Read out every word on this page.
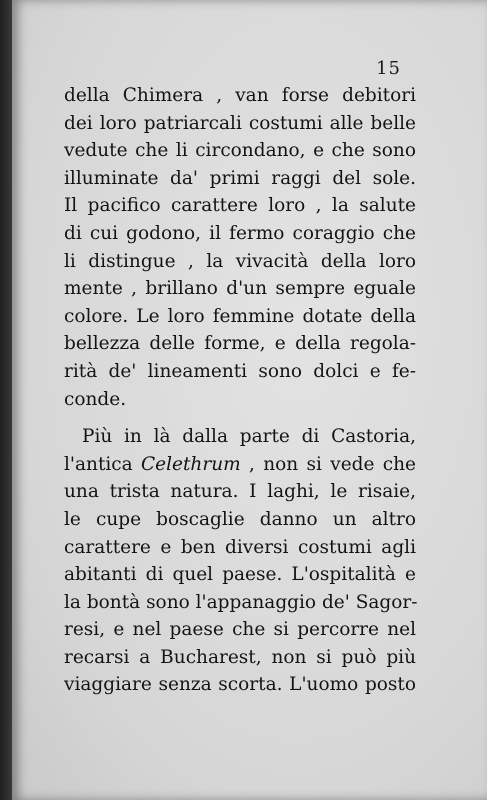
15
della Chimera , van forse debitori
dei loro patriarcali costumi alle belle
vedute che li circondano, e che sono
illuminate da' primi raggi del sole.
Il pacifico carattere loro , la salute
di cui godono, il fermo coraggio che
li distingue , la vivacità della loro
mente , brillano d'un sempre eguale
colore. Le loro femmine dotate della
bellezza delle forme, e della regola-
rità de' lineamenti sono dolci e fe-
conde.
Più in là dalla parte di Castoria,
l'antica Celethrum , non si vede che
una trista natura. I laghi, le risaie,
le cupe boscaglie danno un altro
carattere e ben diversi costumi agli
abitanti di quel paese. L'ospitalità e
la bontà sono l'appanaggio de' Sagor-
resi, e nel paese che si percorre nel
recarsi a Bucharest, non si può più
viaggiare senza scorta. L'uomo posto
